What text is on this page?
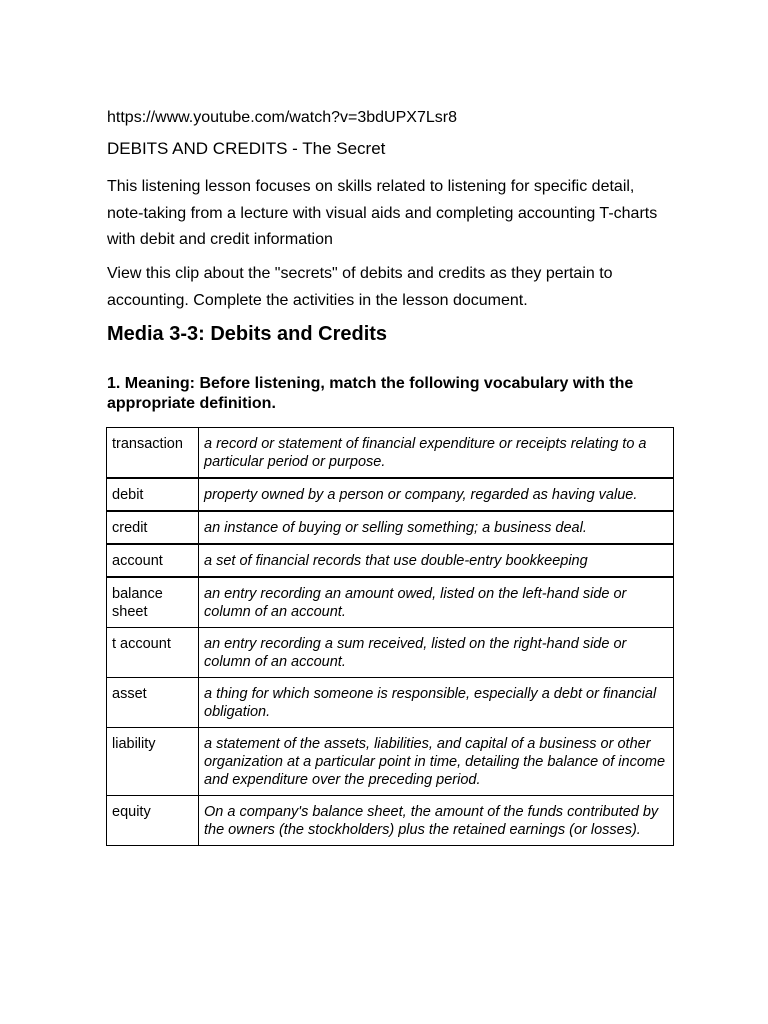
https://www.youtube.com/watch?v=3bdUPX7Lsr8
DEBITS AND CREDITS - The Secret

This listening lesson focuses on skills related to listening for specific detail, note-taking from a lecture with visual aids and completing accounting T-charts with debit and credit information

View this clip about the "secrets" of debits and credits as they pertain to accounting. Complete the activities in the lesson document.

Media 3-3: Debits and Credits

1. Meaning: Before listening, match the following vocabulary with the appropriate definition.

transaction	a record or statement of financial expenditure or receipts relating to a particular period or purpose.
debit	property owned by a person or company, regarded as having value.
credit	an instance of buying or selling something; a business deal.
account	a set of financial records that use double-entry bookkeeping
balance sheet	an entry recording an amount owed, listed on the left-hand side or column of an account.
t account	an entry recording a sum received, listed on the right-hand side or column of an account.
asset	a thing for which someone is responsible, especially a debt or financial obligation.
liability	a statement of the assets, liabilities, and capital of a business or other organization at a particular point in time, detailing the balance of income and expenditure over the preceding period.
equity	On a company's balance sheet, the amount of the funds contributed by the owners (the stockholders) plus the retained earnings (or losses).
